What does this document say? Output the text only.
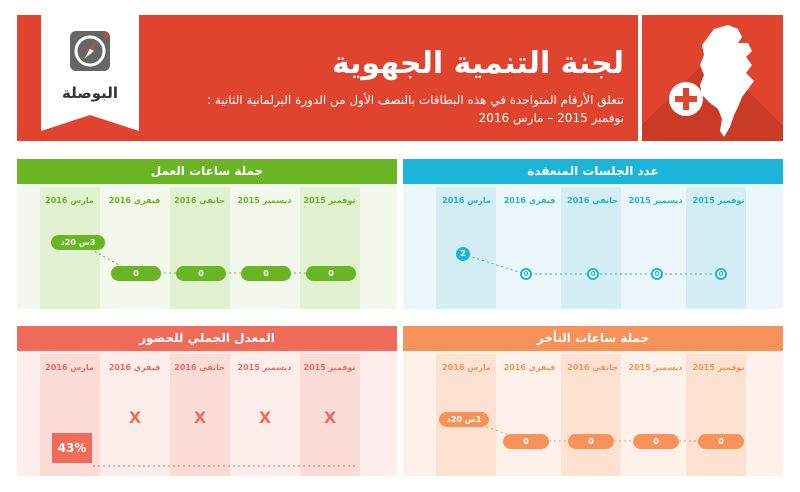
البوصلة
لجنة التنمية الجهوية
تتعلق الأرقام المتواجدة في هذه البطاقات بالنصف الأول من الدورة البرلمانية الثانية :
نوفمبر 2015 – مارس 2016
جملة ساعات العمل
نوفمبر 2015
ديسمبر 2015
جانفي 2016
فيفري 2016
مارس 2016
0
0
0
0
3س 20د
عدد الجلسات المنعقدة
نوفمبر 2015
ديسمبر 2015
جانفي 2016
فيفري 2016
مارس 2016
0
0
0
0
2
المعدل الجملي للحضور
نوفمبر 2015
ديسمبر 2015
جانفي 2016
فيفري 2016
مارس 2016
X
X
X
X
43%
جملة ساعات التأخر
نوفمبر 2015
ديسمبر 2015
جانفي 2016
فيفري 2016
مارس 2016
0
0
0
0
1س 20د
